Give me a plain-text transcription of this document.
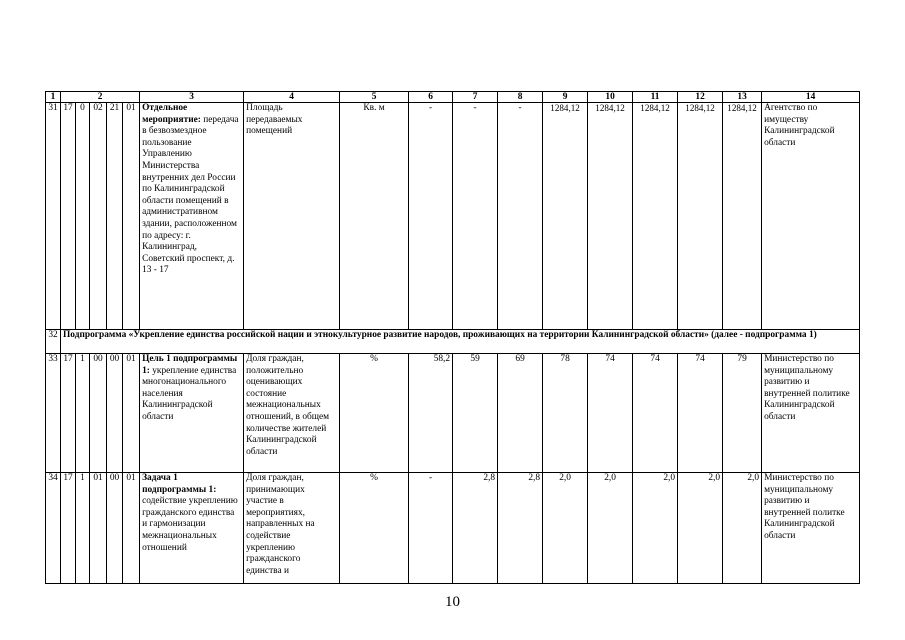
1	2					3	4	5	6	7	8	9	10	11	12	13	14
31	17	0	02	21	01	Отдельное мероприятие: передача в безвозмездное пользование Управлению Министерства внутренних дел России по Калининградской области помещений в административном здании, расположенном по адресу: г. Калининград, Советский проспект, д. 13 - 17	Площадь передаваемых помещений	Кв. м	-	-	-	1284,12	1284,12	1284,12	1284,12	1284,12	Агентство по имуществу Калининградской области
32	Подпрограмма «Укрепление единства российской нации и этнокультурное развитие народов, проживающих на территории Калининградской области» (далее - подпрограмма 1)																
33	17	1	00	00	01	Цель 1 подпрограммы 1: укрепление единства многонационального населения Калининградской области	Доля граждан, положительно оценивающих состояние межнациональных отношений, в общем количестве жителей Калининградской области	%	58,2	59	69	78	74	74	74	79	Министерство по муниципальному развитию и внутренней политике Калининградской области
34	17	1	01	00	01	Задача 1 подпрограммы 1: содействие укреплению гражданского единства и гармонизации межнациональных отношений	Доля граждан, принимающих участие в мероприятиях, направленных на содействие укреплению гражданского единства и	%	-	2,8	2,8	2,0	2,0	2,0	2,0	2,0	Министерство по муниципальному развитию и внутренней политке Калининградской области
10
